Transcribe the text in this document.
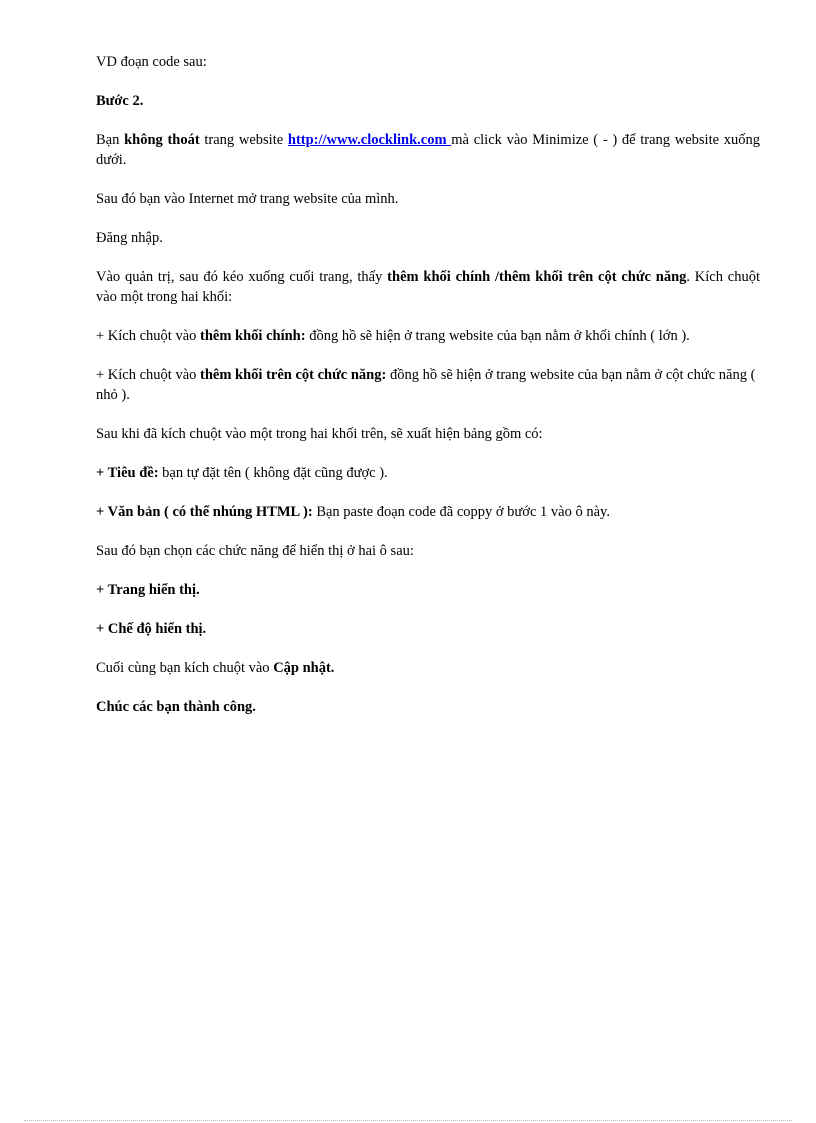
VD đoạn code sau:

Bước 2.

Bạn không thoát trang website http://www.clocklink.com mà click vào Minimize ( - ) để trang website xuống dưới.

Sau đó bạn vào Internet mở trang website của mình.

Đăng nhập.

Vào quản trị, sau đó kéo xuống cuối trang, thấy thêm khối chính /thêm khối trên cột chức năng. Kích chuột vào một trong hai khối:

+ Kích chuột vào thêm khối chính: đồng hồ sẽ hiện ở trang website của bạn nằm ở khối chính ( lớn ).

+ Kích chuột vào thêm khối trên cột chức năng: đồng hồ sẽ hiện ở trang website của bạn nằm ở cột chức năng ( nhỏ ).

Sau khi đã kích chuột vào một trong hai khối trên, sẽ xuất hiện bảng gồm có:

+ Tiêu đề: bạn tự đặt tên ( không đặt cũng được ).

+ Văn bản ( có thể nhúng HTML ): Bạn paste đoạn code đã coppy ở bước 1 vào ô này.

Sau đó bạn chọn các chức năng để hiển thị ở hai ô sau:

+ Trang hiển thị.

+ Chế độ hiển thị.

Cuối cùng bạn kích chuột vào Cập nhật.

Chúc các bạn thành công.
